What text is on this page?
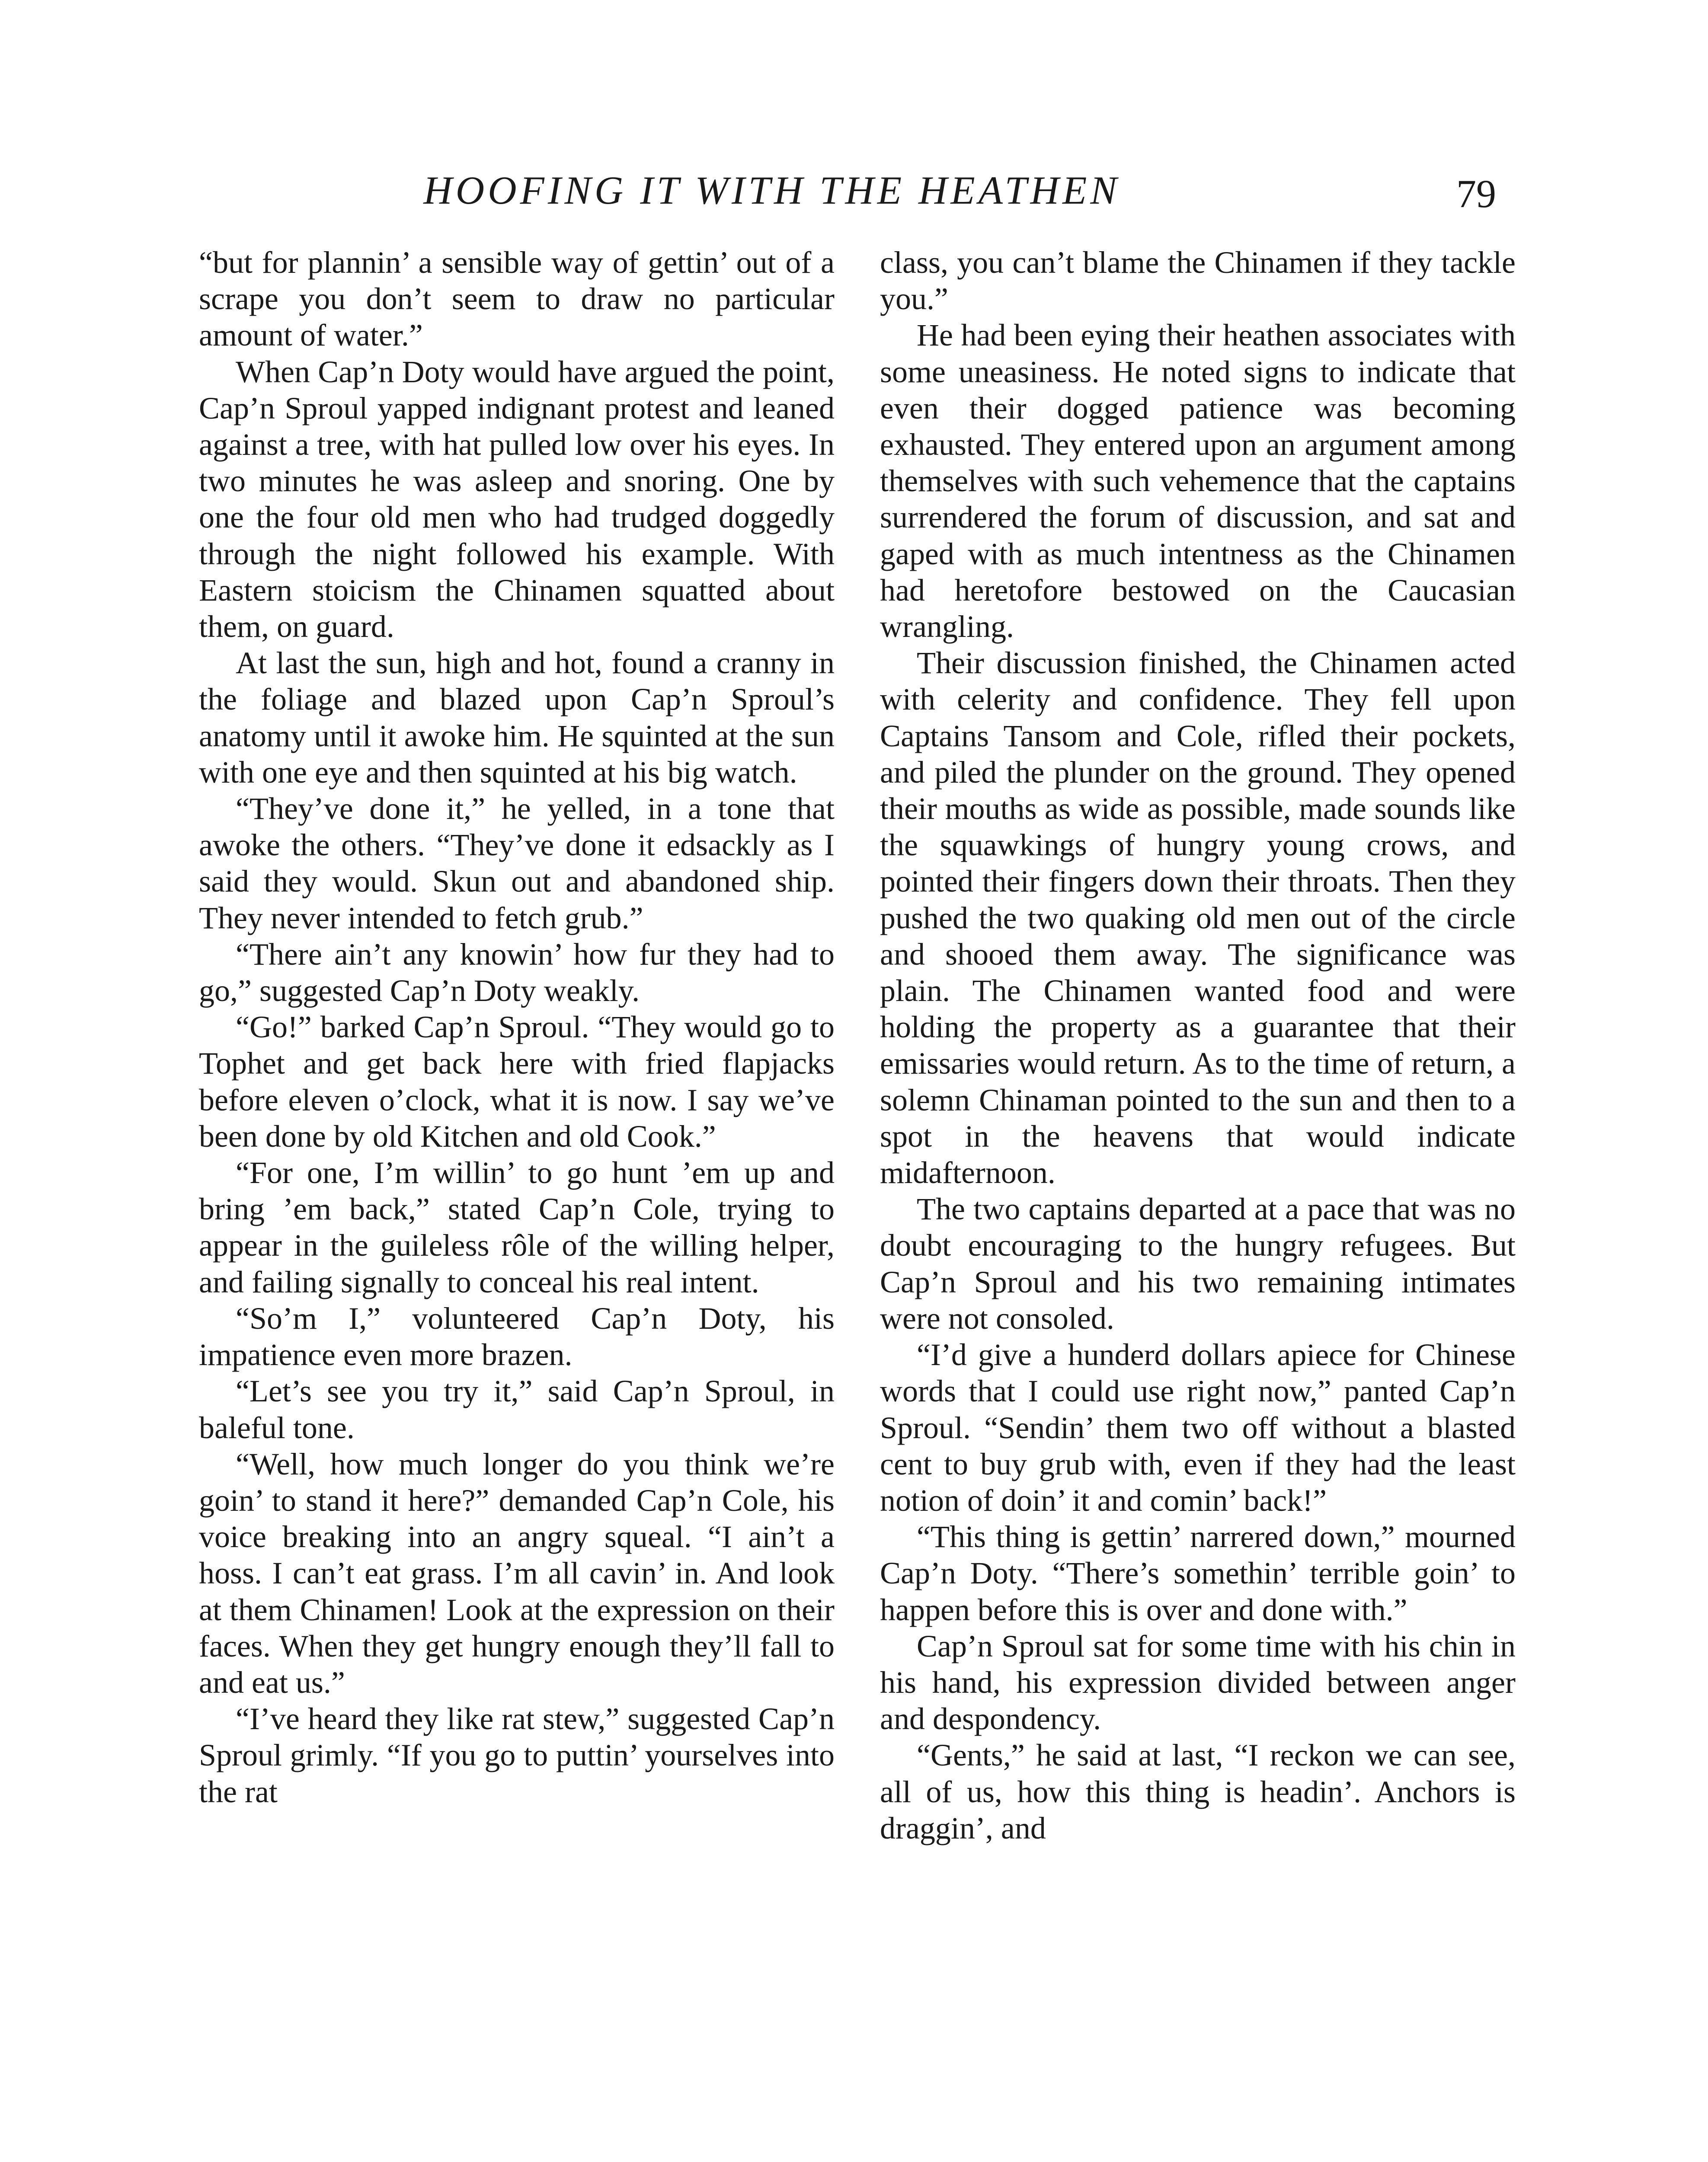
HOOFING IT WITH THE HEATHEN	79

“but for plannin’ a sensible way of gettin’ out of a scrape you don’t seem to draw no particular amount of water.”

When Cap’n Doty would have argued the point, Cap’n Sproul yapped indignant protest and leaned against a tree, with hat pulled low over his eyes. In two minutes he was asleep and snoring. One by one the four old men who had trudged doggedly through the night followed his example. With Eastern stoicism the Chinamen squatted about them, on guard.

At last the sun, high and hot, found a cranny in the foliage and blazed upon Cap’n Sproul’s anatomy until it awoke him. He squinted at the sun with one eye and then squinted at his big watch.

“They’ve done it,” he yelled, in a tone that awoke the others. “They’ve done it edsackly as I said they would. Skun out and abandoned ship. They never intended to fetch grub.”

“There ain’t any knowin’ how fur they had to go,” suggested Cap’n Doty weakly.

“Go!” barked Cap’n Sproul. “They would go to Tophet and get back here with fried flapjacks before eleven o’clock, what it is now. I say we’ve been done by old Kitchen and old Cook.”

“For one, I’m willin’ to go hunt ’em up and bring ’em back,” stated Cap’n Cole, trying to appear in the guileless rôle of the willing helper, and failing signally to conceal his real intent.

“So’m I,” volunteered Cap’n Doty, his impatience even more brazen.

“Let’s see you try it,” said Cap’n Sproul, in baleful tone.

“Well, how much longer do you think we’re goin’ to stand it here?” demanded Cap’n Cole, his voice breaking into an angry squeal. “I ain’t a hoss. I can’t eat grass. I’m all cavin’ in. And look at them Chinamen! Look at the expression on their faces. When they get hungry enough they’ll fall to and eat us.”

“I’ve heard they like rat stew,” suggested Cap’n Sproul grimly. “If you go to puttin’ yourselves into the rat

class, you can’t blame the Chinamen if they tackle you.”

He had been eying their heathen associates with some uneasiness. He noted signs to indicate that even their dogged patience was becoming exhausted. They entered upon an argument among themselves with such vehemence that the captains surrendered the forum of discussion, and sat and gaped with as much intentness as the Chinamen had heretofore bestowed on the Caucasian wrangling.

Their discussion finished, the Chinamen acted with celerity and confidence. They fell upon Captains Tansom and Cole, rifled their pockets, and piled the plunder on the ground. They opened their mouths as wide as possible, made sounds like the squawkings of hungry young crows, and pointed their fingers down their throats. Then they pushed the two quaking old men out of the circle and shooed them away. The significance was plain. The Chinamen wanted food and were holding the property as a guarantee that their emissaries would return. As to the time of return, a solemn Chinaman pointed to the sun and then to a spot in the heavens that would indicate midafternoon.

The two captains departed at a pace that was no doubt encouraging to the hungry refugees. But Cap’n Sproul and his two remaining intimates were not consoled.

“I’d give a hunderd dollars apiece for Chinese words that I could use right now,” panted Cap’n Sproul. “Sendin’ them two off without a blasted cent to buy grub with, even if they had the least notion of doin’ it and comin’ back!”

“This thing is gettin’ narrered down,” mourned Cap’n Doty. “There’s somethin’ terrible goin’ to happen before this is over and done with.”

Cap’n Sproul sat for some time with his chin in his hand, his expression divided between anger and despondency.

“Gents,” he said at last, “I reckon we can see, all of us, how this thing is headin’. Anchors is draggin’, and
